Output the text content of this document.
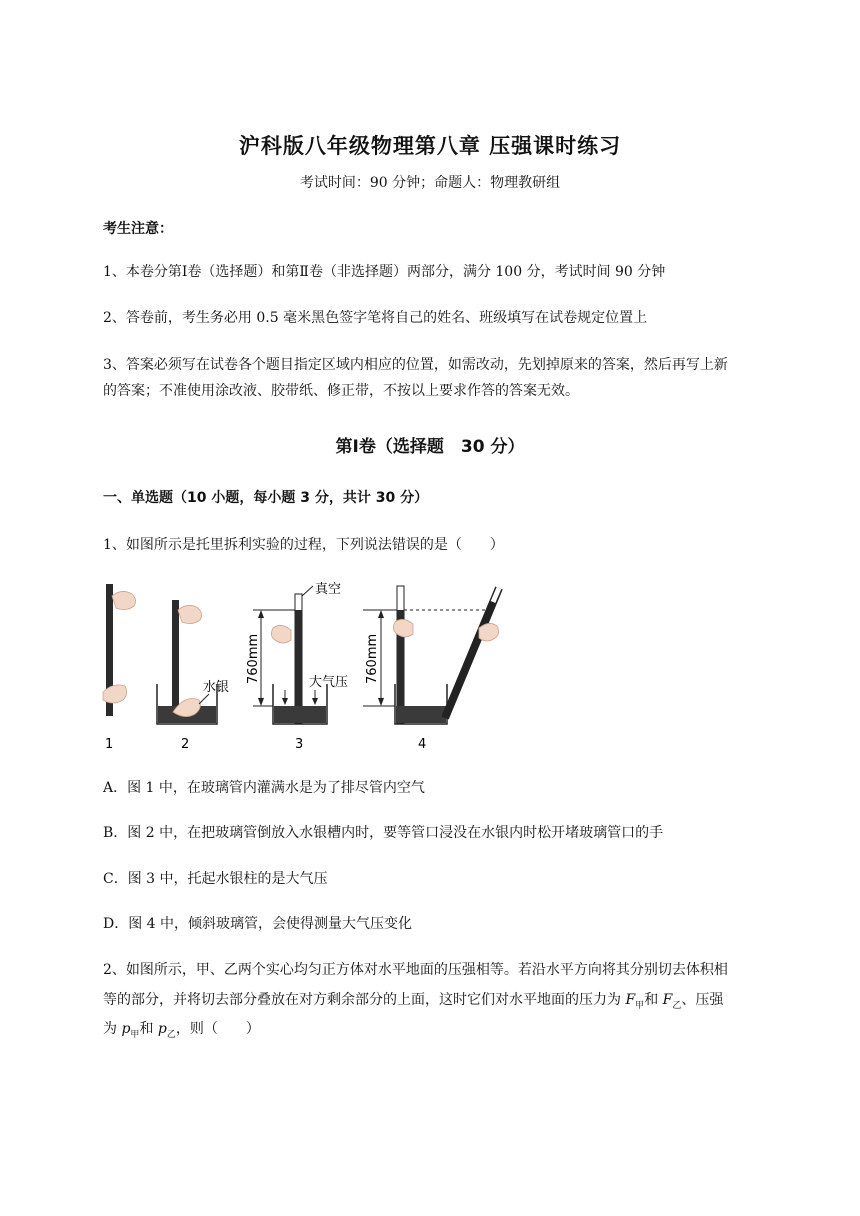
沪科版八年级物理第八章 压强课时练习
考试时间：90 分钟；命题人：物理教研组
考生注意：
1、本卷分第Ⅰ卷（选择题）和第Ⅱ卷（非选择题）两部分，满分 100 分，考试时间 90 分钟
2、答卷前，考生务必用 0.5 毫米黑色签字笔将自己的姓名、班级填写在试卷规定位置上
3、答案必须写在试卷各个题目指定区域内相应的位置，如需改动，先划掉原来的答案，然后再写上新
的答案；不准使用涂改液、胶带纸、修正带，不按以上要求作答的答案无效。
第Ⅰ卷（选择题　30 分）
一、单选题（10 小题，每小题 3 分，共计 30 分）
1、如图所示是托里拆利实验的过程，下列说法错误的是（　　）
1
水银
2
真空
760mm	大气压
3
760mm
4
A．图 1 中，在玻璃管内灌满水是为了排尽管内空气
B．图 2 中，在把玻璃管倒放入水银槽内时，要等管口浸没在水银内时松开堵玻璃管口的手
C．图 3 中，托起水银柱的是大气压
D．图 4 中，倾斜玻璃管，会使得测量大气压变化
2、如图所示，甲、乙两个实心均匀正方体对水平地面的压强相等。若沿水平方向将其分别切去体积相
等的部分，并将切去部分叠放在对方剩余部分的上面，这时它们对水平地面的压力为 $F_甲$和 $F_乙$、压强
为 $p_甲$和 $p_乙$，则（　　）
